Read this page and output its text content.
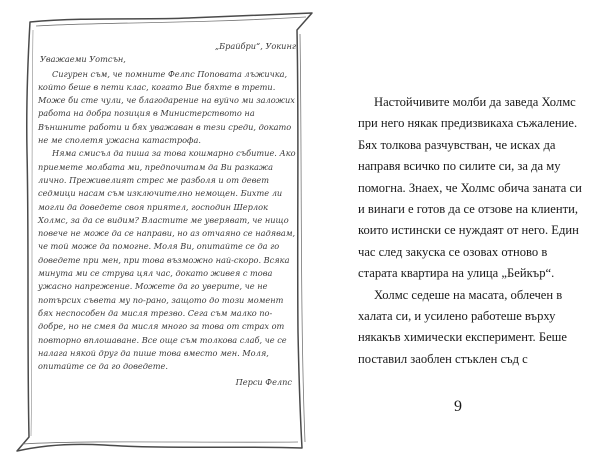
„Брайбри“, Уокинг

Уважаеми Уотсън,

Сигурен съм, че помните Фелпс Поповата лъжичка, който беше в пети клас, когато Вие бяхте в трети. Може би сте чули, че благодарение на вуйчо ми заложих работа на добра позиция в Министерството на Външните работи и бях уважаван в тези среди, докато не ме сполетя ужасна катастрофа.

Няма смисъл да пиша за това кошмарно събитие. Ако приемете молбата ми, предпочитам да Ви разкажа лично. Преживелият стрес ме разболя и от девет седмици насам съм изключително немощен. Бихте ли могли да доведете своя приятел, господин Шерлок Холмс, за да се видим? Властите ме уверяват, че нищо повече не може да се направи, но аз отчаяно се надявам, че той може да помогне. Моля Ви, опитайте се да го доведете при мен, при това възможно най-скоро. Всяка минута ми се струва цял час, докато живея с това ужасно напрежение. Можете да го уверите, че не потърсих съвета му по-рано, защото до този момент бях неспособен да мисля трезво. Сега съм малко по-добре, но не смея да мисля много за това от страх от повторно вплошаване. Все още съм толкова слаб, че се налага някой друг да пише това вместо мен. Моля, опитайте се да го доведете.

Перси Фелпс

Настойчивите молби да заведа Холмс при него някак предизвикаха съжаление. Бях толкова разчувстван, че исках да направя всичко по силите си, за да му помогна. Знаех, че Холмс обича заната си и винаги е готов да се отзове на клиенти, които истински се нуждаят от него. Един час след закуска се озовах отново в старата квартира на улица „Бейкър“.

Холмс седеше на масата, облечен в халата си, и усилено работеше върху някакъв химически експеримент. Беше поставил заоблен стъклен съд с

9
